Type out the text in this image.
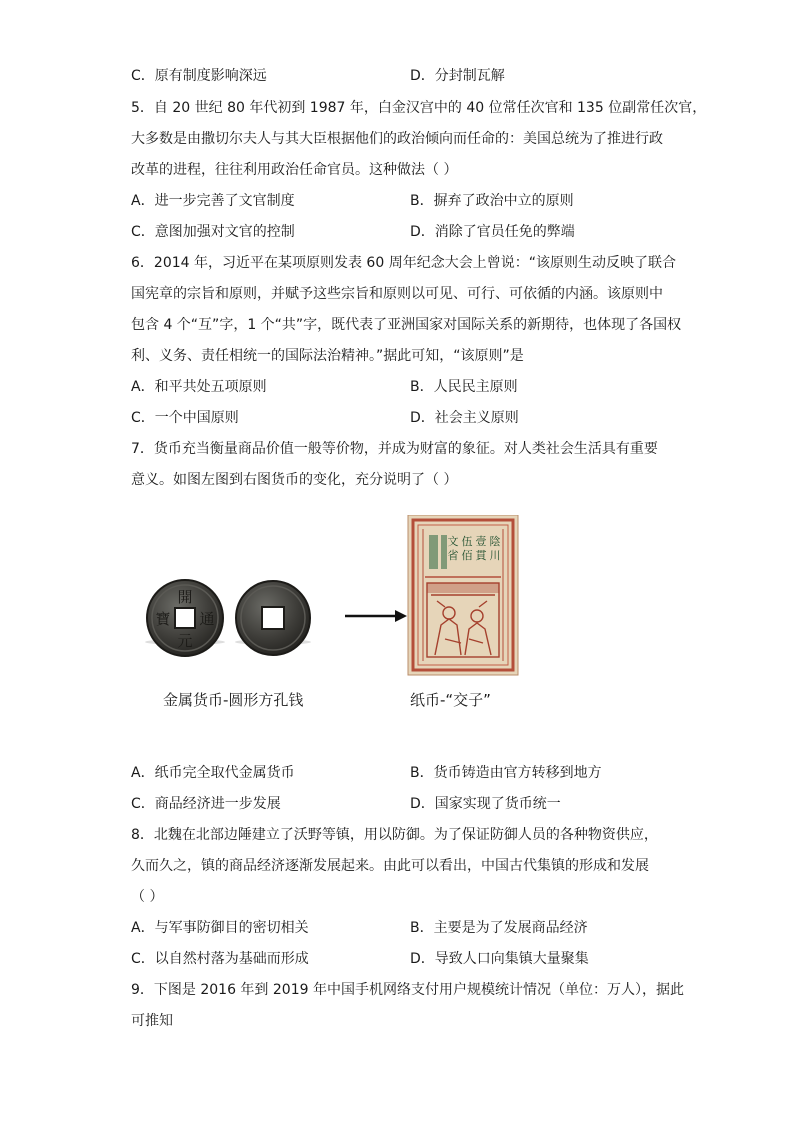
C．原有制度影响深远	D．分封制瓦解
5．自 20 世纪 80 年代初到 1987 年，白金汉宫中的 40 位常任次官和 135 位副常任次官，
大多数是由撒切尔夫人与其大臣根据他们的政治倾向而任命的：美国总统为了推进行政
改革的进程，往往利用政治任命官员。这种做法（ ）
A．进一步完善了文官制度	B．摒弃了政治中立的原则
C．意图加强对文官的控制	D．消除了官员任免的弊端
6．2014 年，习近平在某项原则发表 60 周年纪念大会上曾说：“该原则生动反映了联合
国宪章的宗旨和原则，并赋予这些宗旨和原则以可见、可行、可依循的内涵。该原则中
包含 4 个“互”字，1 个“共”字，既代表了亚洲国家对国际关系的新期待，也体现了各国权
利、义务、责任相统一的国际法治精神。”据此可知，“该原则”是
A．和平共处五项原则	B．人民民主原则
C．一个中国原则	D．社会主义原则
7．货币充当衡量商品价值一般等价物，并成为财富的象征。对人类社会生活具有重要
意义。如图左图到右图货币的变化，充分说明了（ ）
開
元
通
寶
陰
川
壹
貫
伍
佰
文
省
金属货币-圆形方孔钱	纸币-“交子”
A．纸币完全取代金属货币	B．货币铸造由官方转移到地方
C．商品经济进一步发展	D．国家实现了货币统一
8．北魏在北部边陲建立了沃野等镇，用以防御。为了保证防御人员的各种物资供应，
久而久之，镇的商品经济逐渐发展起来。由此可以看出，中国古代集镇的形成和发展
（ ）
A．与军事防御目的密切相关	B．主要是为了发展商品经济
C．以自然村落为基础而形成	D．导致人口向集镇大量聚集
9．下图是 2016 年到 2019 年中国手机网络支付用户规模统计情况（单位：万人），据此
可推知
